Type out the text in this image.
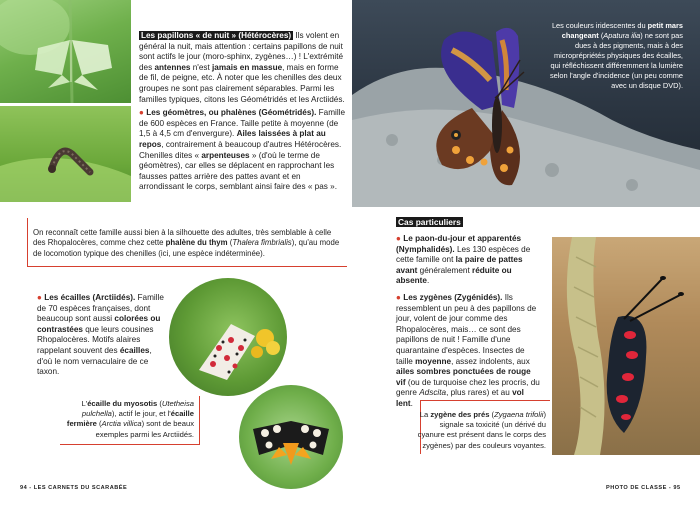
Les papillons « de nuit » (Hétérocères) Ils volent en général la nuit, mais attention : certains papillons de nuit sont actifs le jour (moro-sphinx, zygènes…) ! L'extrémité des antennes n'est jamais en massue, mais en forme de fil, de peigne, etc. À noter que les chenilles des deux groupes ne sont pas clairement séparables. Parmi les familles typiques, citons les Géométridés et les Arctiidés.

● Les géomètres, ou phalènes (Géométridés). Famille de 600 espèces en France. Taille petite à moyenne (de 1,5 à 4,5 cm d'envergure). Ailes laissées à plat au repos, contrairement à beaucoup d'autres Hétérocères. Chenilles dites « arpenteuses » (d'où le terme de géomètres), car elles se déplacent en rapprochant les fausses pattes arrière des pattes avant et en arrondissant le corps, semblant ainsi faire des « pas ».

On reconnaît cette famille aussi bien à la silhouette des adultes, très semblable à celle des Rhopalocères, comme chez cette phalène du thym (Thalera fimbrialis), qu'au mode de locomotion typique des chenilles (ici, une espèce indéterminée).
● Les écailles (Arctiidés). Famille de 70 espèces françaises, dont beaucoup sont aussi colorées ou contrastées que leurs cousines Rhopalocères. Motifs alaires rappelant souvent des écailles, d'où le nom vernaculaire de ce taxon.
L'écaille du myosotis (Utetheisa pulchella), actif le jour, et l'écaille fermière (Arctia villica) sont de beaux exemples parmi les Arctiidés.
94 - LES CARNETS DU SCARABÉE
Les couleurs iridescentes du petit mars changeant (Apatura ilia) ne sont pas dues à des pigments, mais à des microprépriétés physiques des écailles, qui réfléchissent différemment la lumière selon l'angle d'incidence (un peu comme avec un disque DVD).
Cas particuliers

● Le paon-du-jour et apparentés (Nymphalidés). Les 130 espèces de cette famille ont la paire de pattes avant généralement réduite ou absente.

● Les zygènes (Zygénidés). Ils ressemblent un peu à des papillons de jour, volent de jour comme des Rhopalocères, mais… ce sont des papillons de nuit ! Famille d'une quarantaine d'espèces. Insectes de taille moyenne, assez indolents, aux ailes sombres ponctuées de rouge vif (ou de turquoise chez les procris, du genre Adscita, plus rares) et au vol lent.

La zygène des prés (Zygaena trifolii) signale sa toxicité (un dérivé du cyanure est présent dans le corps des zygènes) par des couleurs voyantes.
PHOTO DE CLASSE - 95
